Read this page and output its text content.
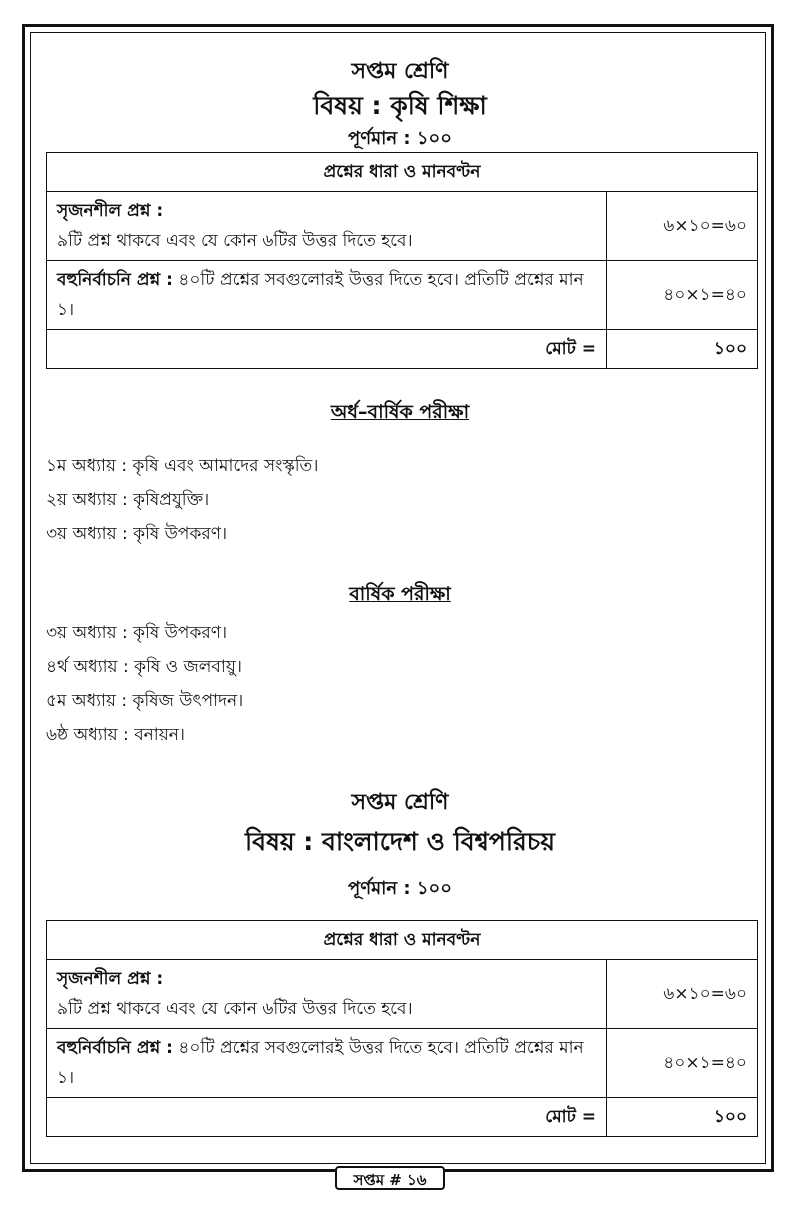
সপ্তম শ্রেণি
বিষয় : কৃষি শিক্ষা
পূর্ণমান : ১০০
প্রশ্নের ধারা ও মানবণ্টন	

সৃজনশীল প্রশ্ন :
৯টি প্রশ্ন থাকবে এবং যে কোন ৬টির উত্তর দিতে হবে।	৬×১০=৬০
বহুনির্বাচনি প্রশ্ন : ৪০টি প্রশ্নের সবগুলোরই উত্তর দিতে হবে। প্রতিটি প্রশ্নের মান ১।	৪০×১=৪০
মোট =	১০০
অর্ধ–বার্ষিক পরীক্ষা
১ম অধ্যায় : কৃষি এবং আমাদের সংস্কৃতি।
২য় অধ্যায় : কৃষিপ্রযুক্তি।
৩য় অধ্যায় : কৃষি উপকরণ।
বার্ষিক পরীক্ষা
৩য় অধ্যায় : কৃষি উপকরণ।
৪র্থ অধ্যায় : কৃষি ও জলবায়ু।
৫ম অধ্যায় : কৃষিজ উৎপাদন।
৬ষ্ঠ অধ্যায় : বনায়ন।
সপ্তম শ্রেণি
বিষয় : বাংলাদেশ ও বিশ্বপরিচয়
পূর্ণমান : ১০০
প্রশ্নের ধারা ও মানবণ্টন	

সৃজনশীল প্রশ্ন :
৯টি প্রশ্ন থাকবে এবং যে কোন ৬টির উত্তর দিতে হবে।	৬×১০=৬০
বহুনির্বাচনি প্রশ্ন : ৪০টি প্রশ্নের সবগুলোরই উত্তর দিতে হবে। প্রতিটি প্রশ্নের মান ১।	৪০×১=৪০
মোট =	১০০
সপ্তম # ১৬
